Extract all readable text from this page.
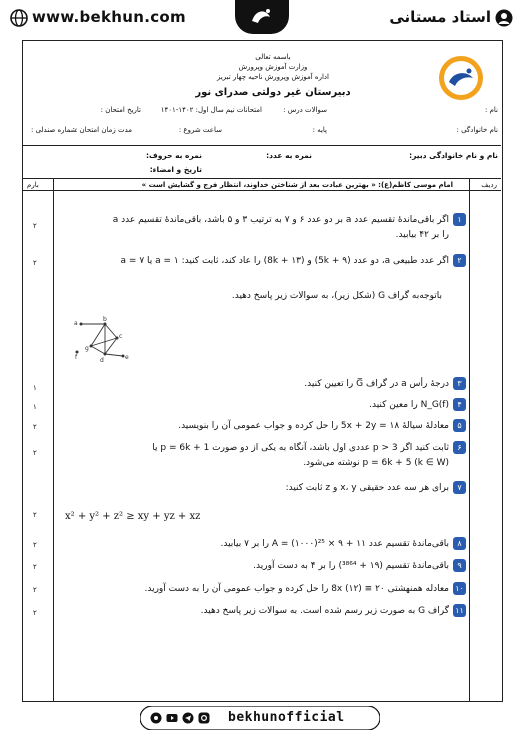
www.bekhun.com	استاد مستانی
باسمه تعالی
وزارت آموزش وپرورش
اداره آموزش وپرورش ناحیه چهار تبریز
دبیرستان غیر دولتی صدرای نور
نام :
سوالات درس :
امتحانات نیم سال اول: ۱۴۰۲-۱۴۰۱
تاریخ امتحان :
نام خانوادگی :
پایه :
ساعت شروع :
مدت زمان امتحان :
شماره صندلی :
نام و نام خانوادگی دبیر:
نمره به عدد:
نمره به حروف:
تاریخ و امضاء:
ردیف
امام موسی کاظم(ع): « بهترین عبادت بعد از شناختن خداوند، انتظار فرج و گشایش است »
بارم
۱اگر باقی‌ماندۀ تقسیم عدد a بر دو عدد ۶ و ۷ به ترتیب ۳ و ۵ باشد، باقی‌ماندۀ تقسیم عدد a
را بر ۴۲ بیابید.
۲
۲اگر عدد طبیعی a، دو عدد (۹ + 5k) و (۱۳ + 8k) را عاد کند، ثابت کنید: ۱ = a یا ۷ = a
۲
باتوجه‌به گراف G (شکل زیر)، به سوالات زیر پاسخ دهید.
a
b
c
d	e
f
g
۳درجۀ رأس a در گراف G̅ را تعیین کنید.
۱
۴N_G(f) را معین کنید.
۱
۵معادلۀ سیالۀ ۱۸ = 5x + 2y را حل کرده و جواب عمومی آن را بنویسید.
۲
۶ثابت کنید اگر p > 3 عددی اول باشد، آنگاه به یکی از دو صورت p = 6k + 1 یا
p = 6k + 5 (k ∈ W) نوشته می‌شود.
۲
۷برای هر سه عدد حقیقی x، y و z ثابت کنید:
x² + y² + z² ≥ xy + yz + xz
۲
۸باقی‌ماندۀ تقسیم عدد ۱۱ + ۹ × ²⁵(۱۰۰۰) = A را بر ۷ بیابید.
۲
۹باقی‌ماندۀ تقسیم (۱۹ + ³⁸⁶⁴) را بر ۴ به دست آورید.
۲
۱۰معادله همنهشتی ۲۰ ≡ 8x (۱۲) را حل کرده و جواب عمومی آن را به دست آورید.
۲
۱۱گراف G به صورت زیر رسم شده است. به سوالات زیر پاسخ دهید.
۲
bekhunofficial
